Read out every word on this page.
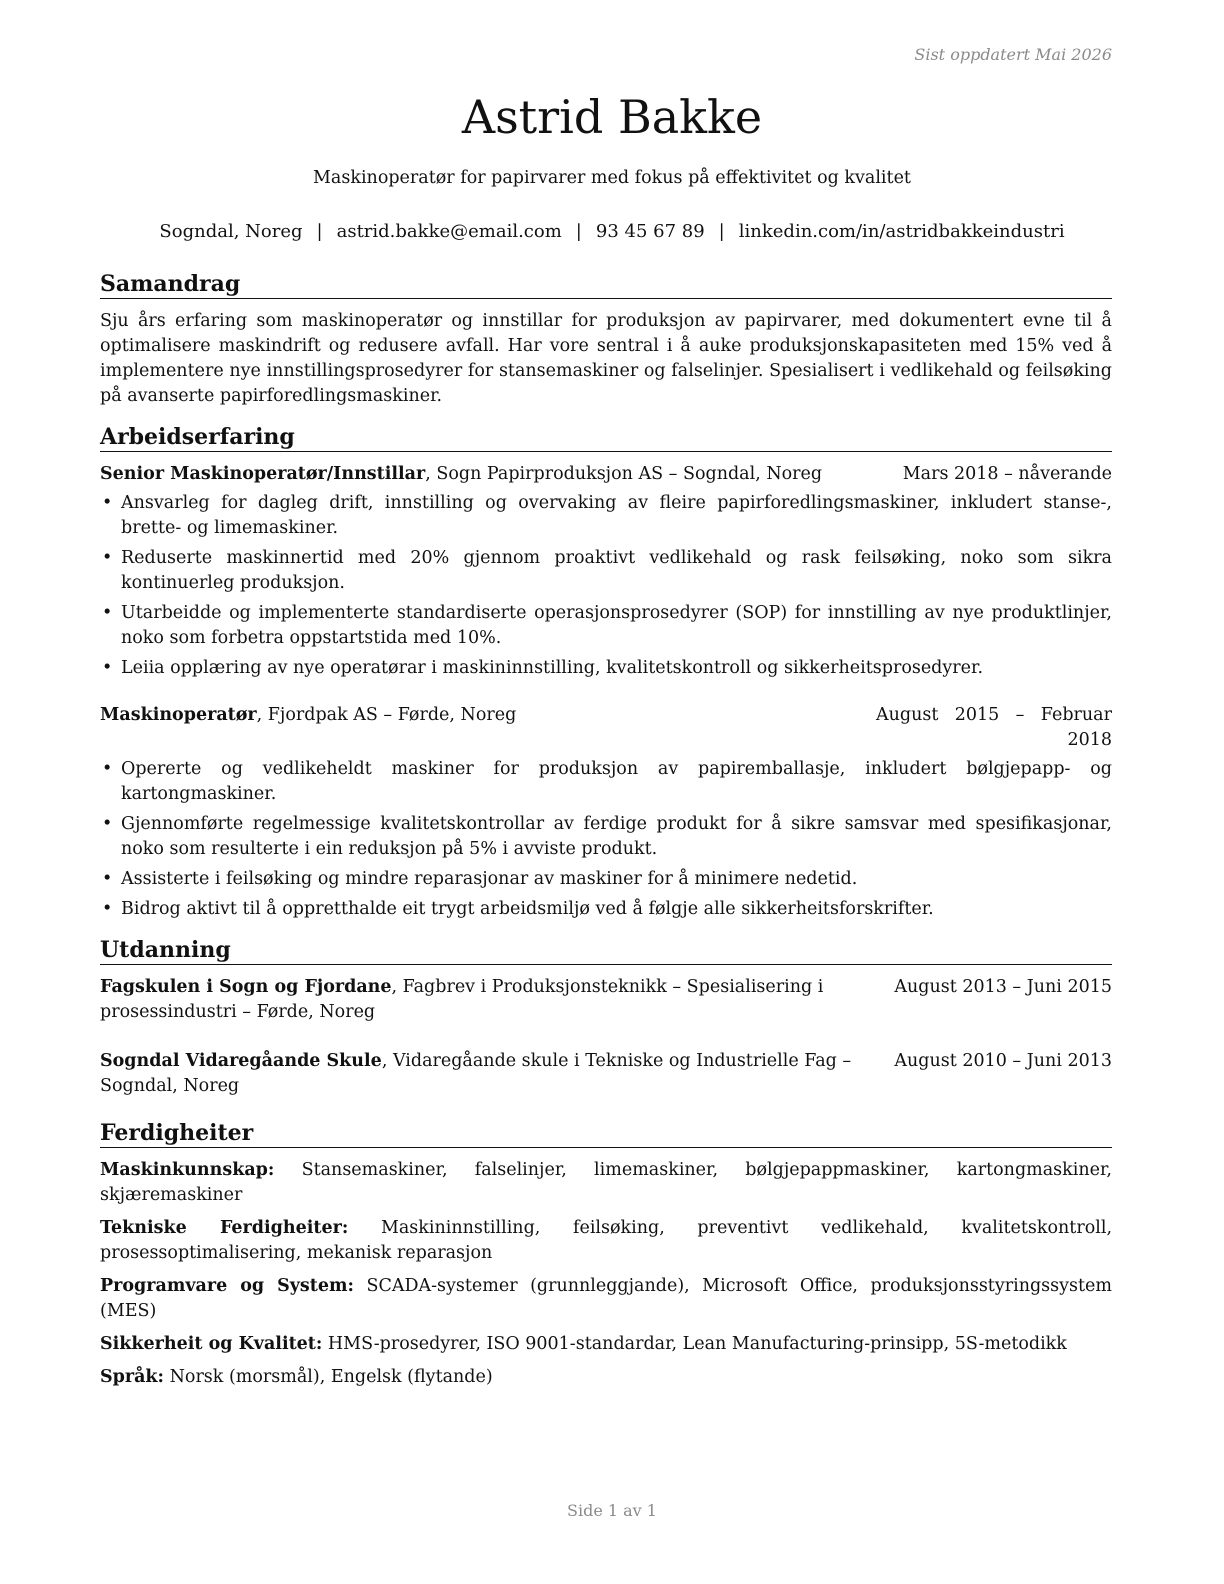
Sist oppdatert Mai 2026
Astrid Bakke
Maskinoperatør for papirvarer med fokus på effektivitet og kvalitet
Sogndal, Noreg | astrid.bakke@email.com | 93 45 67 89 | linkedin.com/in/astridbakkeindustri
Samandrag

Sju års erfaring som maskinoperatør og innstillar for produksjon av papirvarer, med dokumentert evne til å optimalisere maskindrift og redusere avfall. Har vore sentral i å auke produksjonskapasiteten med 15% ved å implementere nye innstillingsprosedyrer for stansemaskiner og falselinjer. Spesialisert i vedlikehald og feilsøking på avanserte papirforedlingsmaskiner.

Arbeidserfaring
Senior Maskinoperatør/Innstillar, Sogn Papirproduksjon AS – Sogndal, Noreg	Mars 2018 – nåverande
• Ansvarleg for dagleg drift, innstilling og overvaking av fleire papirforedlingsmaskiner, inkludert stanse-, brette- og limemaskiner.
• Reduserte maskinnertid med 20% gjennom proaktivt vedlikehald og rask feilsøking, noko som sikra kontinuerleg produksjon.
• Utarbeidde og implementerte standardiserte operasjonsprosedyrer (SOP) for innstilling av nye produktlinjer, noko som forbetra oppstartstida med 10%.
• Leiia opplæring av nye operatørar i maskininnstilling, kvalitetskontroll og sikkerheitsprosedyrer.
Maskinoperatør, Fjordpak AS – Førde, Noreg	August 2015 – Februar 2018
• Opererte og vedlikeheldt maskiner for produksjon av papiremballasje, inkludert bølgjepapp- og kartongmaskiner.
• Gjennomførte regelmessige kvalitetskontrollar av ferdige produkt for å sikre samsvar med spesifikasjonar, noko som resulterte i ein reduksjon på 5% i avviste produkt.
• Assisterte i feilsøking og mindre reparasjonar av maskiner for å minimere nedetid.
• Bidrog aktivt til å oppretthalde eit trygt arbeidsmiljø ved å følgje alle sikkerheitsforskrifter.
Utdanning
Fagskulen i Sogn og Fjordane, Fagbrev i Produksjonsteknikk – Spesialisering i prosessindustri – Førde, Noreg
August 2013 – Juni 2015
Sogndal Vidaregåande Skule, Vidaregåande skule i Tekniske og Industrielle Fag – Sogndal, Noreg
August 2010 – Juni 2013
Ferdigheiter
Maskinkunnskap: Stansemaskiner, falselinjer, limemaskiner, bølgjepappmaskiner, kartongmaskiner, skjæremaskiner
Tekniske Ferdigheiter: Maskininnstilling, feilsøking, preventivt vedlikehald, kvalitetskontroll, prosessoptimalisering, mekanisk reparasjon
Programvare og System: SCADA-systemer (grunnleggjande), Microsoft Office, produksjonsstyringssystem (MES)
Sikkerheit og Kvalitet: HMS-prosedyrer, ISO 9001-standardar, Lean Manufacturing-prinsipp, 5S-metodikk
Språk: Norsk (morsmål), Engelsk (flytande)
Side 1 av 1
